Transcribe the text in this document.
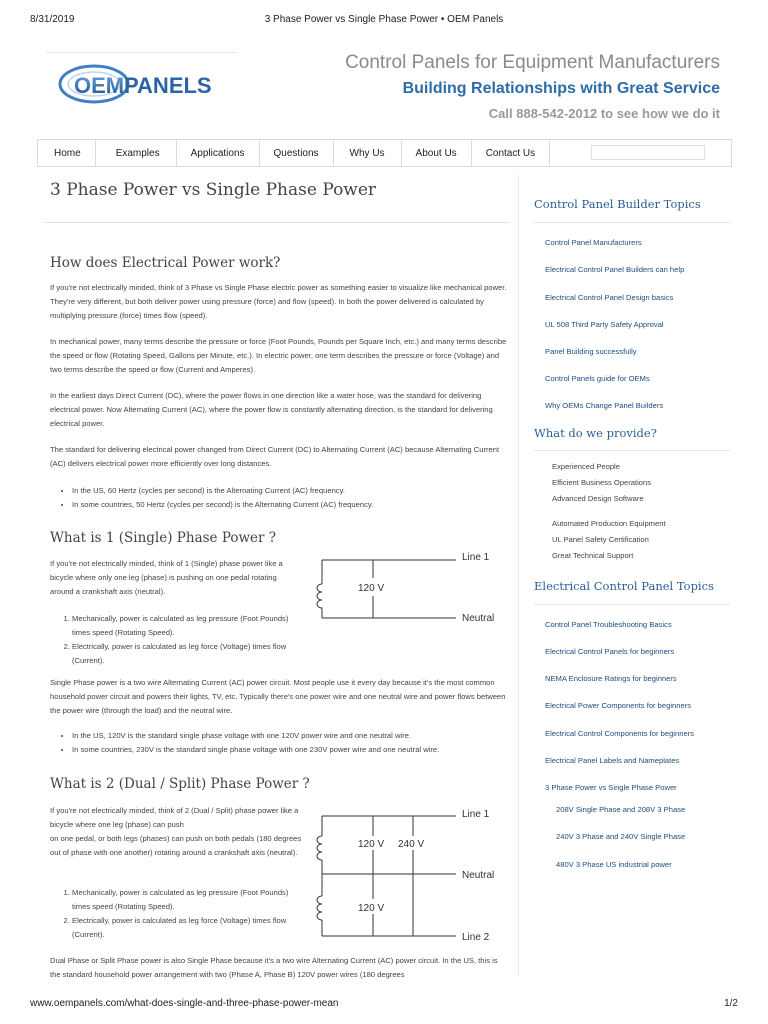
8/31/2019	3 Phase Power vs Single Phase Power • OEM Panels
OEM PANELS
Control Panels for Equipment Manufacturers
Building Relationships with Great Service
Call 888-542-2012 to see how we do it
Home	Examples	Applications	Questions	Why Us	About Us	Contact Us
3 Phase Power vs Single Phase Power
How does Electrical Power work?

If you're not electrically minded, think of 3 Phase vs Single Phase electric power as something easier to visualize like mechanical power. They're very different, but both deliver power using pressure (force) and flow (speed). In both the power delivered is calculated by multiplying pressure (force) times flow (speed).

In mechanical power, many terms describe the pressure or force (Foot Pounds, Pounds per Square Inch, etc.) and many terms describe the speed or flow (Rotating Speed, Gallons per Minute, etc.). In electric power, one term describes the pressure or force (Voltage) and two terms describe the speed or flow (Current and Amperes).

In the earliest days Direct Current (DC), where the power flows in one direction like a water hose, was the standard for delivering electrical power. Now Alternating Current (AC), where the power flow is constantly alternating direction, is the standard for delivering electrical power.

The standard for delivering electrical power changed from Direct Current (DC) to Alternating Current (AC) because Alternating Current (AC) delivers electrical power more efficiently over long distances.

• In the US, 60 Hertz (cycles per second) is the Alternating Current (AC) frequency.
• In some countries, 50 Hertz (cycles per second) is the Alternating Current (AC) frequency.
What is 1 (Single) Phase Power ?

If you're not electrically minded, think of 1 (Single) phase power like a bicycle where only one leg (phase) is pushing on one pedal rotating around a crankshaft axis (neutral).

1. Mechanically, power is calculated as leg pressure (Foot Pounds) times speed (Rotating Speed).
2. Electrically, power is calculated as leg force (Voltage) times flow (Current).
120 V
Line 1
Neutral

Single Phase power is a two wire Alternating Current (AC) power circuit. Most people use it every day because it's the most common household power circuit and powers their lights, TV, etc. Typically there's one power wire and one neutral wire and power flows between the power wire (through the load) and the neutral wire.

• In the US, 120V is the standard single phase voltage with one 120V power wire and one neutral wire.
• In some countries, 230V is the standard single phase voltage with one 230V power wire and one neutral wire.
What is 2 (Dual / Split) Phase Power ?

If you're not electrically minded, think of 2 (Dual / Split) phase power like a bicycle where one leg (phase) can push
on one pedal, or both legs (phases) can push on both pedals (180 degrees out of phase with one another) rotating around a crankshaft axis (neutral).

1. Mechanically, power is calculated as leg pressure (Foot Pounds) times speed (Rotating Speed).
2. Electrically, power is calculated as leg force (Voltage) times flow (Current).
120 V 240 V
120 V
Line 1
Neutral
Line 2

Dual Phase or Split Phase power is also Single Phase because it's a two wire Alternating Current (AC) power circuit. In the US, this is the standard household power arrangement with two (Phase A, Phase B) 120V power wires (180 degrees

Control Panel Builder Topics
Control Panel Manufacturers
Electrical Control Panel Builders can help
Electrical Control Panel Design basics
UL 508 Third Party Safety Approval
Panel Building successfully
Control Panels guide for OEMs
Why OEMs Change Panel Builders
What do we provide?
Experienced People
Efficient Business Operations
Advanced Design Software
Automated Production Equipment
UL Panel Safety Certification
Great Technical Support
Electrical Control Panel Topics
Control Panel Troubleshooting Basics
Electrical Control Panels for beginners
NEMA Enclosure Ratings for beginners
Electrical Power Components for beginners
Electrical Control Components for beginners
Electrical Panel Labels and Nameplates
3 Phase Power vs Single Phase Power
208V Single Phase and 208V 3 Phase
240V 3 Phase and 240V Single Phase
480V 3 Phase US industrial power
www.oempanels.com/what-does-single-and-three-phase-power-mean	1/2
